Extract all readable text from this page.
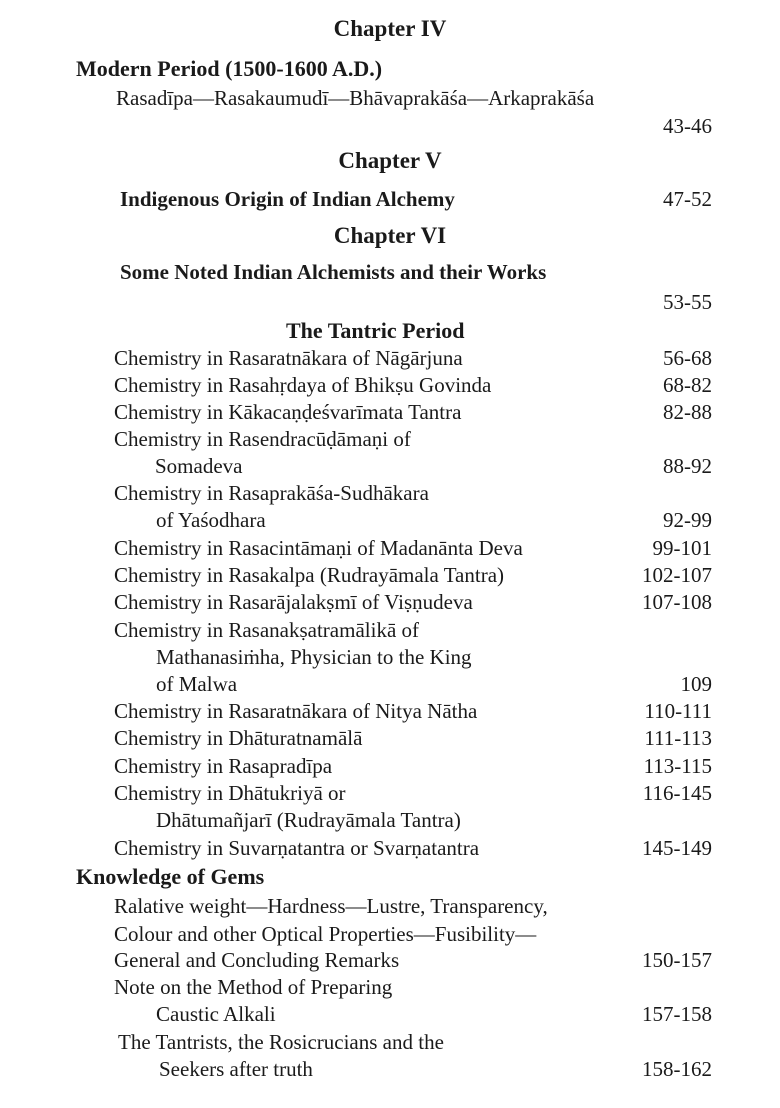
Chapter IV
Modern Period (1500-1600 A.D.)
Rasadīpa—Rasakaumudī—Bhāvaprakāśa—Arkaprakāśa
43-46
Chapter V
Indigenous Origin of Indian Alchemy	47-52
Chapter VI
Some Noted Indian Alchemists and their Works
53-55
The Tantric Period
Chemistry in Rasaratnākara of Nāgārjuna	56-68
Chemistry in Rasahṛdaya of Bhikṣu Govinda	68-82
Chemistry in Kākacaṇḍeśvarīmata Tantra	82-88
Chemistry in Rasendracūḍāmaṇi of
Somadeva	88-92
Chemistry in Rasaprakāśa-Sudhākara
of Yaśodhara	92-99
Chemistry in Rasacintāmaṇi of Madanānta Deva	99-101
Chemistry in Rasakalpa (Rudrayāmala Tantra)	102-107
Chemistry in Rasarājalakṣmī of Viṣṇudeva	107-108
Chemistry in Rasanakṣatramālikā of
Mathanasiṁha, Physician to the King
of Malwa	109
Chemistry in Rasaratnākara of Nitya Nātha	110-111
Chemistry in Dhāturatnamālā	111-113
Chemistry in Rasapradīpa	113-115
Chemistry in Dhātukriyā or	116-145
Dhātumañjarī (Rudrayāmala Tantra)
Chemistry in Suvarṇatantra or Svarṇatantra	145-149
Knowledge of Gems
Ralative weight—Hardness—Lustre, Transparency,
Colour and other Optical Properties—Fusibility—
General and Concluding Remarks	150-157
Note on the Method of Preparing
Caustic Alkali	157-158
The Tantrists, the Rosicrucians and the
Seekers after truth	158-162
